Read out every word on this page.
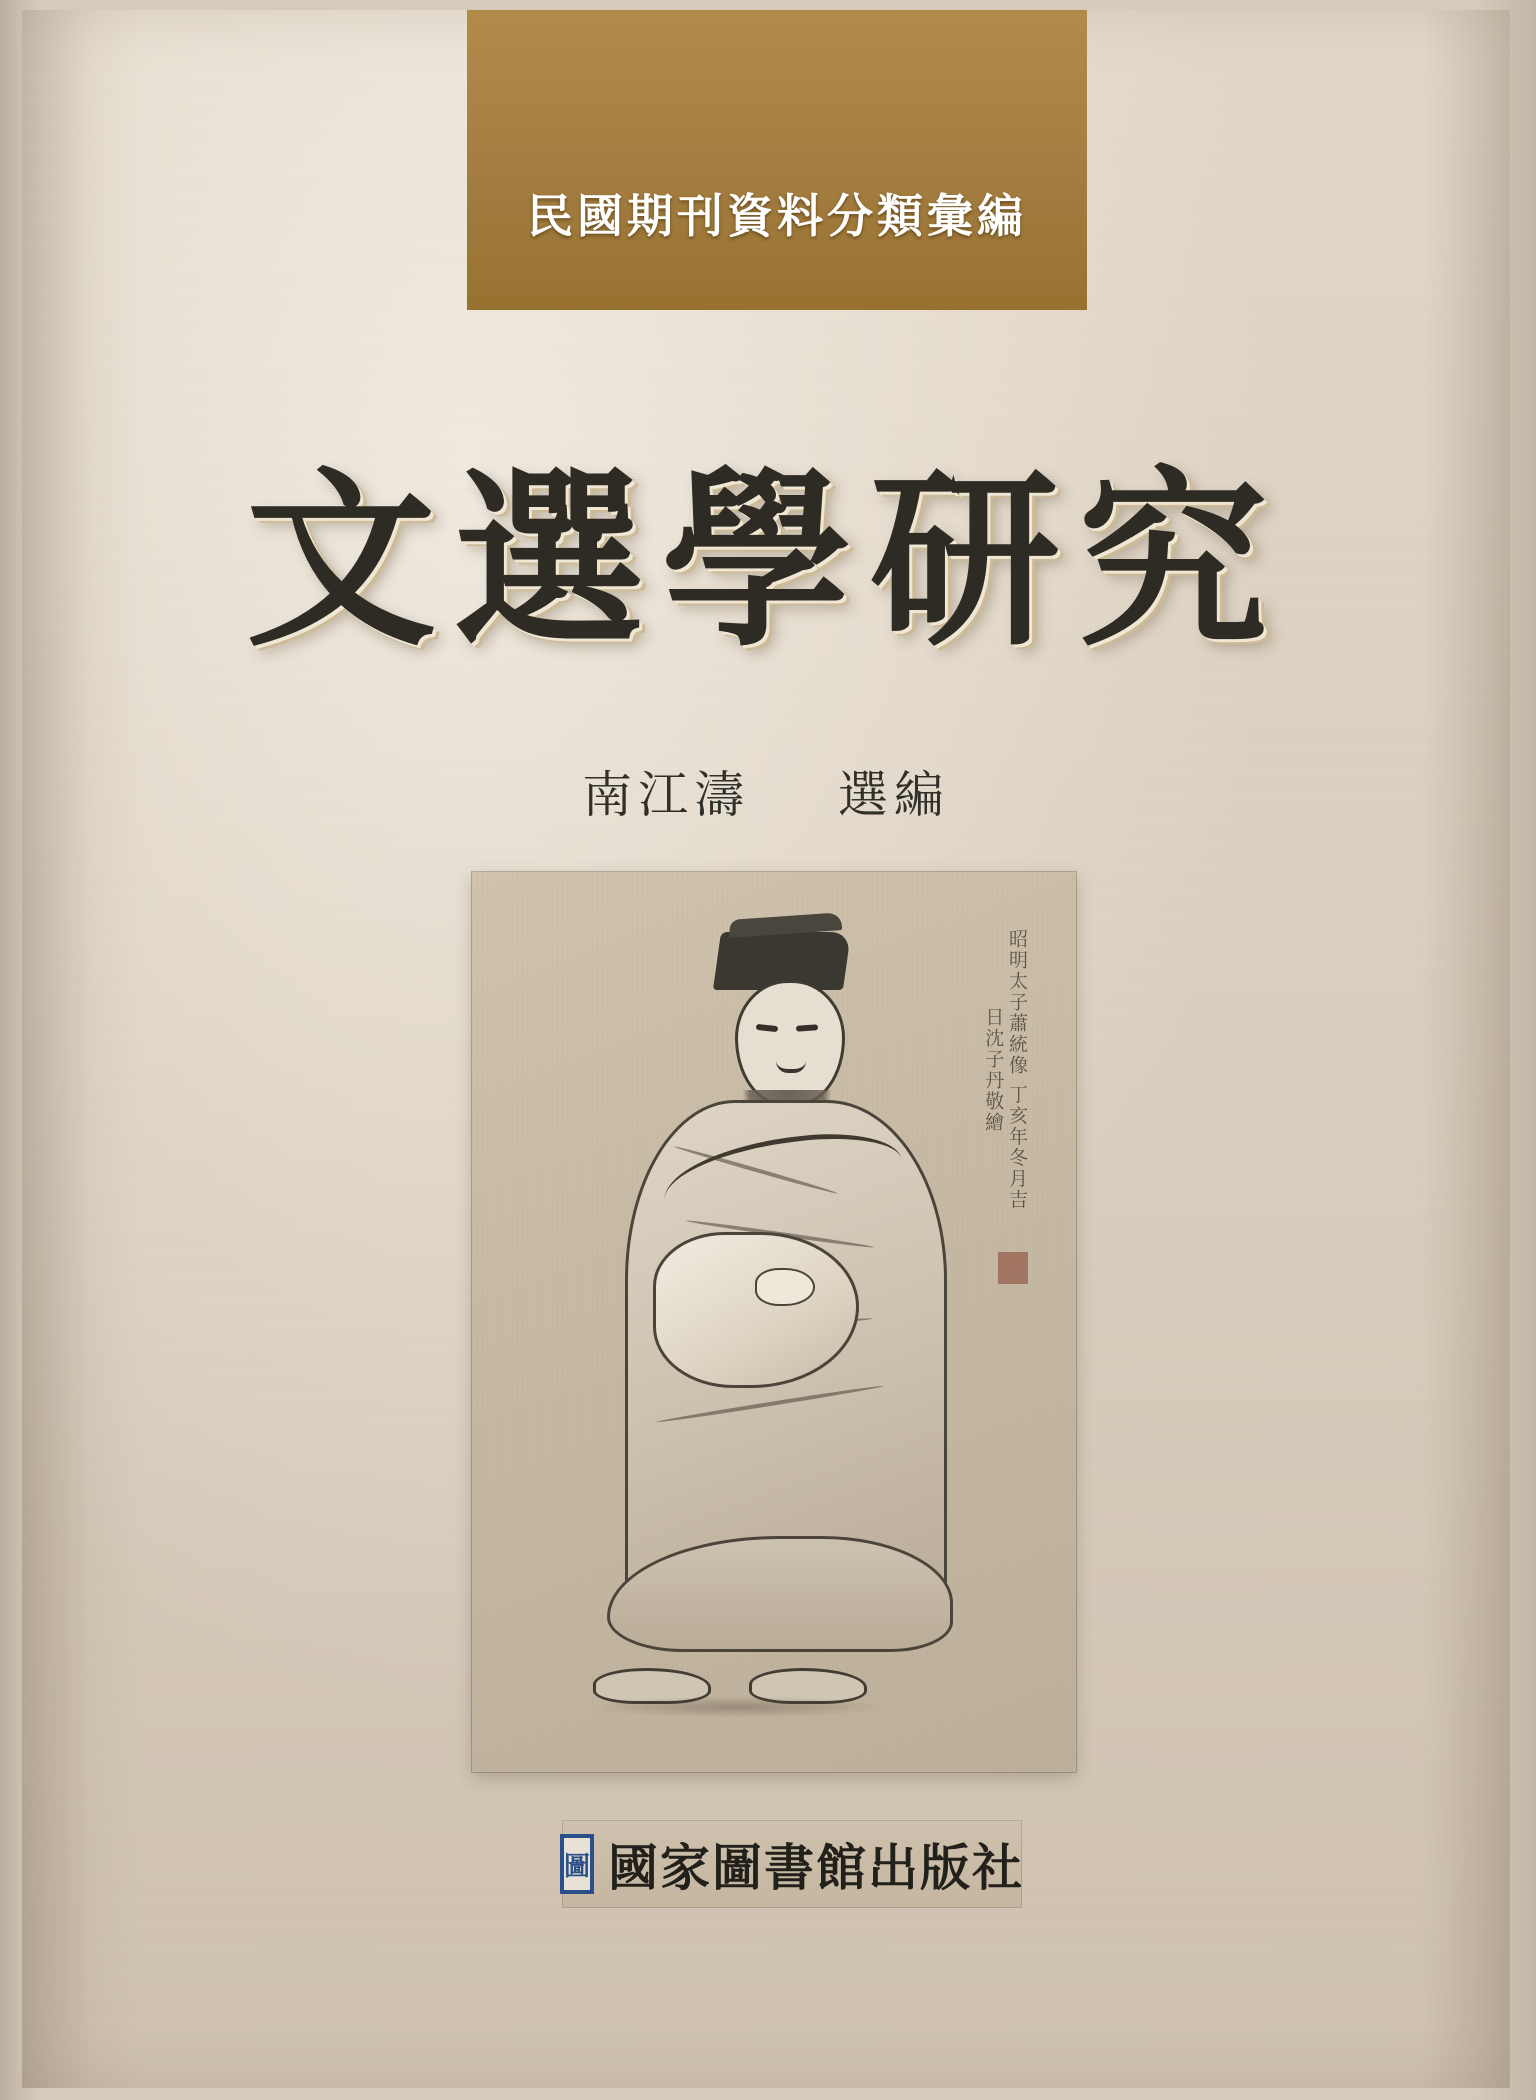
民國期刊資料分類彙編
文選學研究
南江濤 選編
昭明太子蕭統像 丁亥年冬月吉日沈子丹敬繪
圖 國家圖書館出版社
